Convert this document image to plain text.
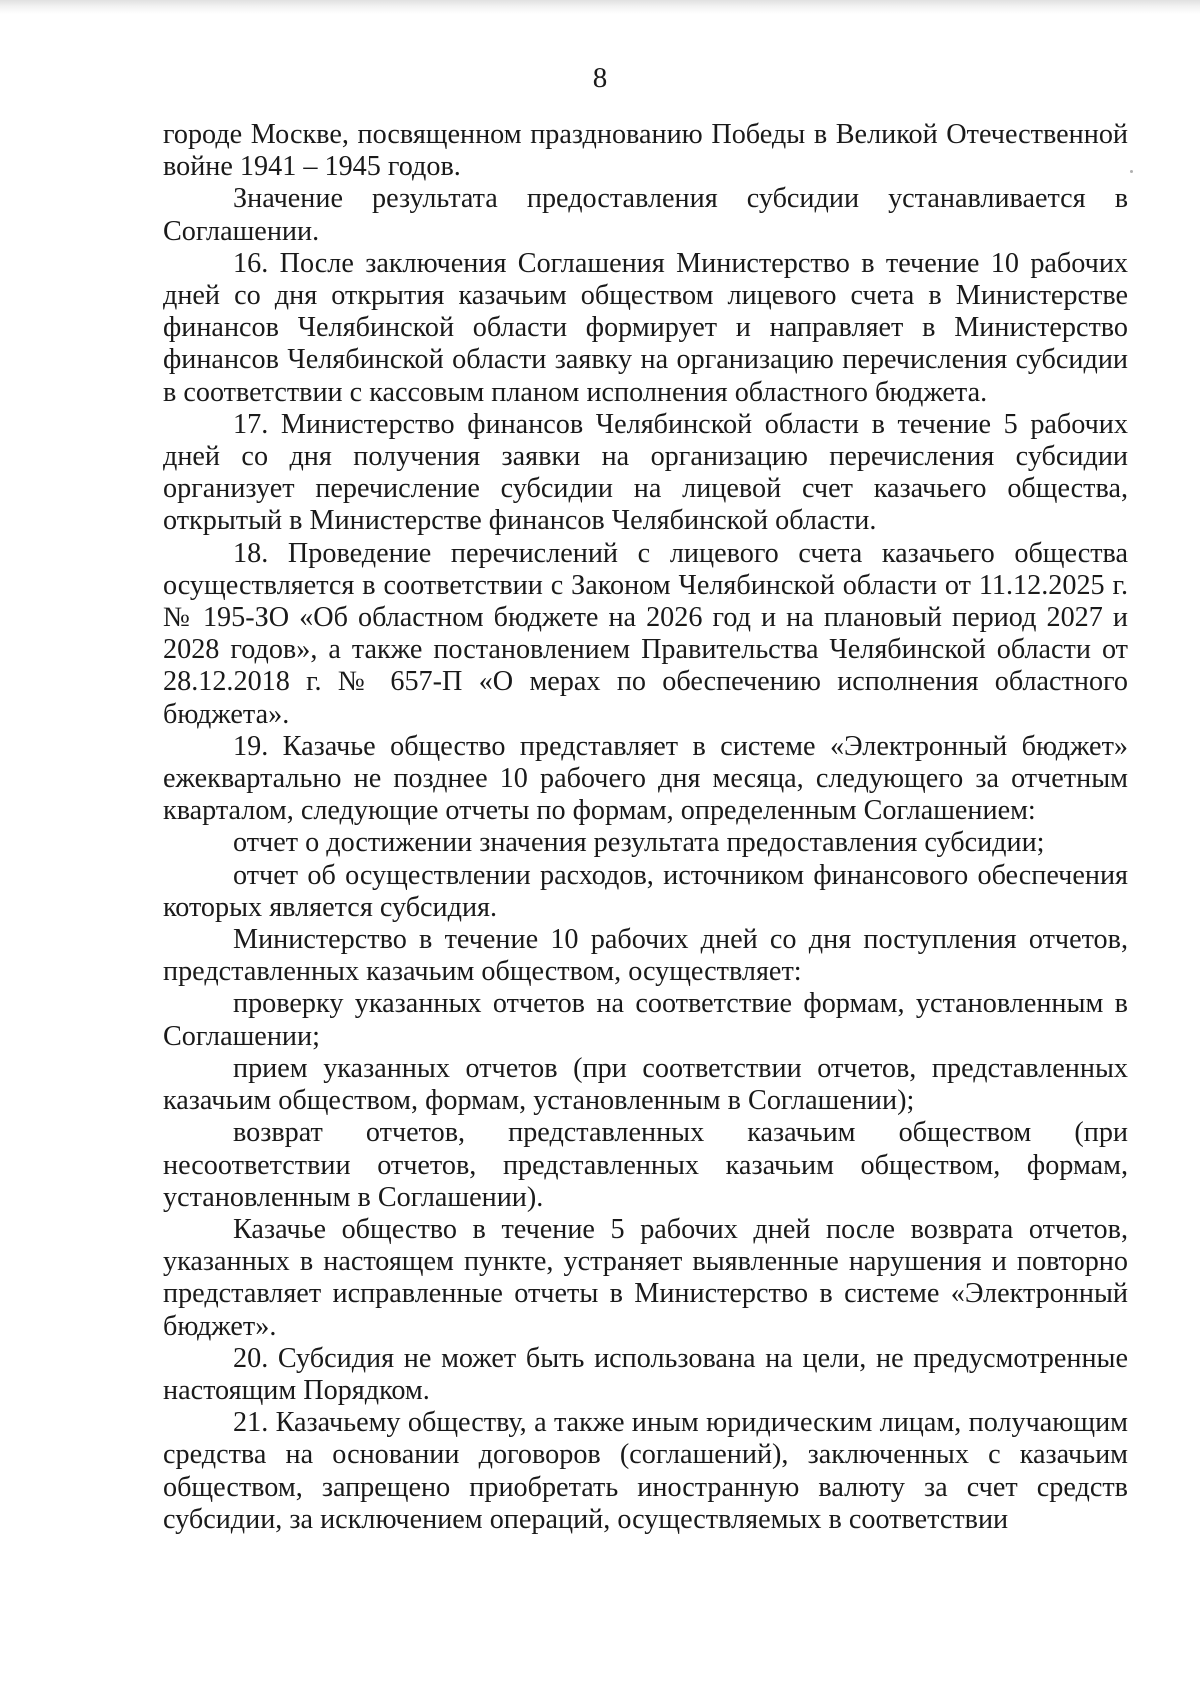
8

городе Москве, посвященном празднованию Победы в Великой Отечественной войне 1941 – 1945 годов.

Значение результата предоставления субсидии устанавливается в Соглашении.

16. После заключения Соглашения Министерство в течение 10 рабочих дней со дня открытия казачьим обществом лицевого счета в Министерстве финансов Челябинской области формирует и направляет в Министерство финансов Челябинской области заявку на организацию перечисления субсидии в соответствии с кассовым планом исполнения областного бюджета.

17. Министерство финансов Челябинской области в течение 5 рабочих дней со дня получения заявки на организацию перечисления субсидии организует перечисление субсидии на лицевой счет казачьего общества, открытый в Министерстве финансов Челябинской области.

18. Проведение перечислений с лицевого счета казачьего общества осуществляется в соответствии с Законом Челябинской области от 11.12.2025 г. № 195-ЗО «Об областном бюджете на 2026 год и на плановый период 2027 и 2028 годов», а также постановлением Правительства Челябинской области от 28.12.2018 г. № 657-П «О мерах по обеспечению исполнения областного бюджета».

19. Казачье общество представляет в системе «Электронный бюджет» ежеквартально не позднее 10 рабочего дня месяца, следующего за отчетным кварталом, следующие отчеты по формам, определенным Соглашением:

отчет о достижении значения результата предоставления субсидии;

отчет об осуществлении расходов, источником финансового обеспечения которых является субсидия.

Министерство в течение 10 рабочих дней со дня поступления отчетов, представленных казачьим обществом, осуществляет:

проверку указанных отчетов на соответствие формам, установленным в Соглашении;

прием указанных отчетов (при соответствии отчетов, представленных казачьим обществом, формам, установленным в Соглашении);

возврат отчетов, представленных казачьим обществом (при несоответствии отчетов, представленных казачьим обществом, формам, установленным в Соглашении).

Казачье общество в течение 5 рабочих дней после возврата отчетов, указанных в настоящем пункте, устраняет выявленные нарушения и повторно представляет исправленные отчеты в Министерство в системе «Электронный бюджет».

20. Субсидия не может быть использована на цели, не предусмотренные настоящим Порядком.

21. Казачьему обществу, а также иным юридическим лицам, получающим средства на основании договоров (соглашений), заключенных с казачьим обществом, запрещено приобретать иностранную валюту за счет средств субсидии, за исключением операций, осуществляемых в соответствии
